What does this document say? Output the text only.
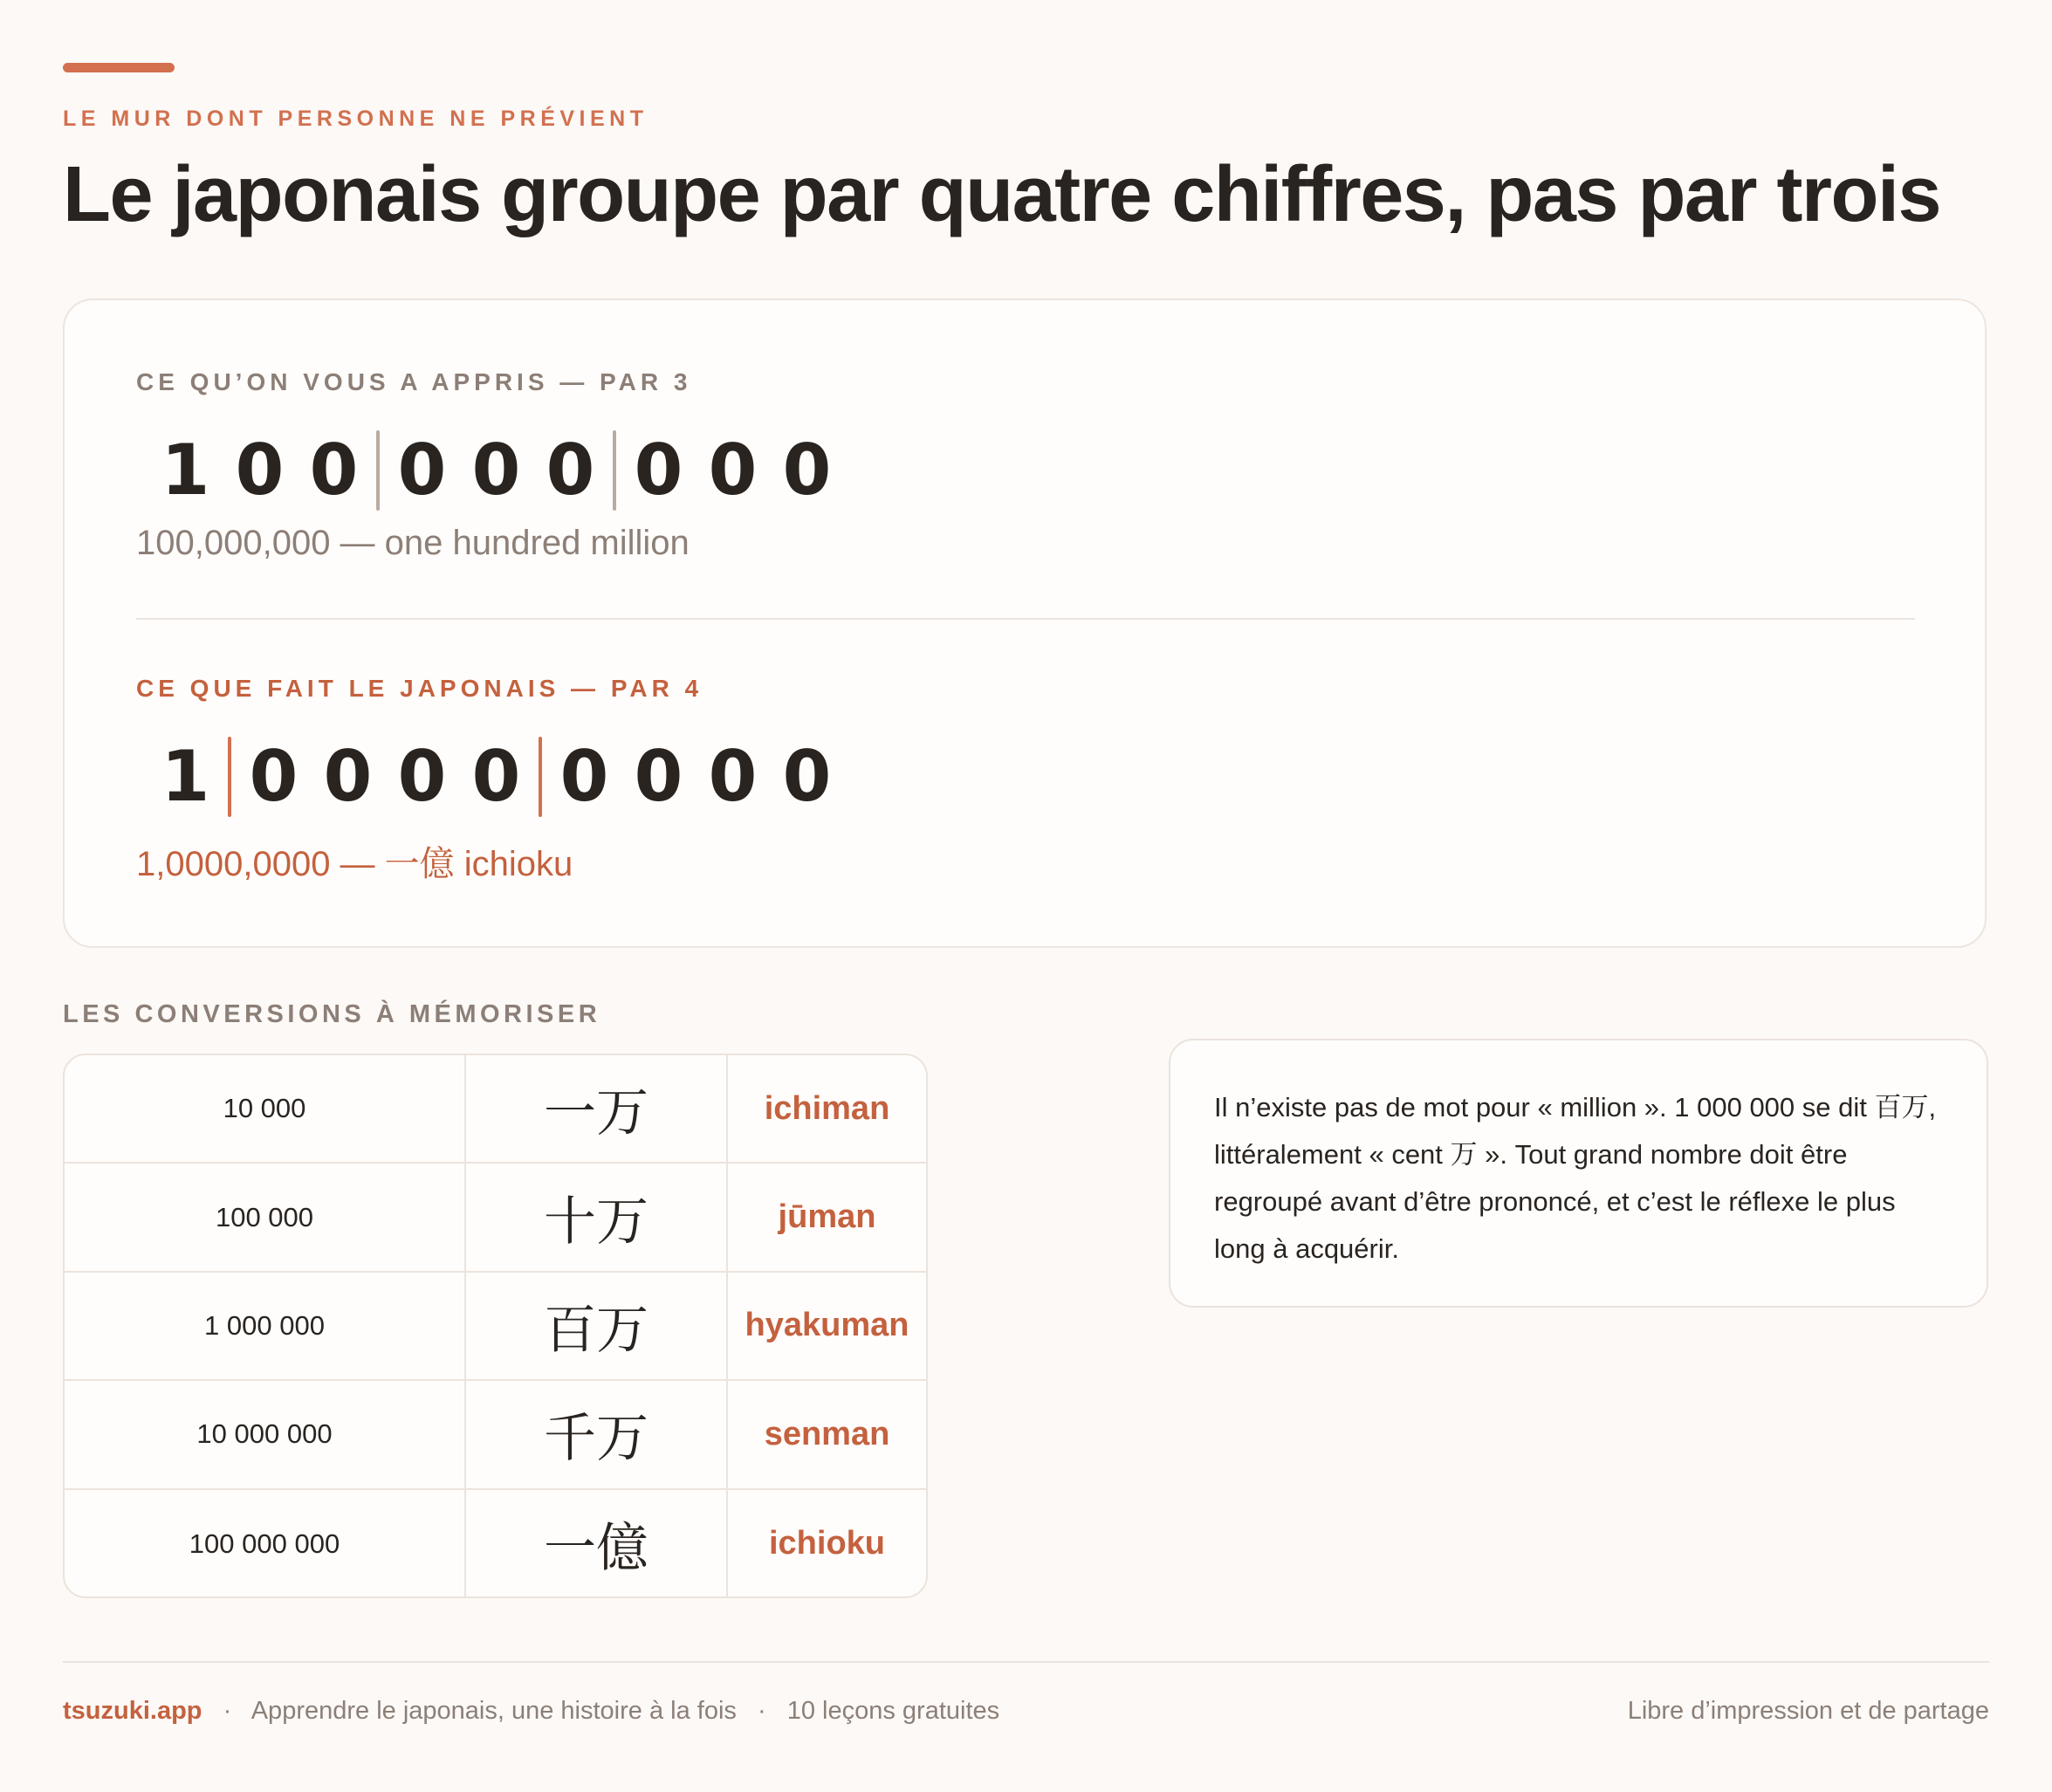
LE MUR DONT PERSONNE NE PRÉVIENT
Le japonais groupe par quatre chiffres, pas par trois
CE QU’ON VOUS A APPRIS — PAR 3
1 0 0 0 0 0 0 0 0
100,000,000 — one hundred million
CE QUE FAIT LE JAPONAIS — PAR 4
1 0 0 0 0 0 0 0 0
1,0000,0000 — 一億 ichioku
LES CONVERSIONS À MÉMORISER
10 000	一万	ichiman
100 000	十万	jūman
1 000 000	百万	hyakuman
10 000 000	千万	senman
100 000 000	一億	ichioku
Il n’existe pas de mot pour « million ». 1 000 000 se dit 百万, littéralement « cent 万 ». Tout grand nombre doit être regroupé avant d’être prononcé, et c’est le réflexe le plus long à acquérir.
tsuzuki.app · Apprendre le japonais, une histoire à la fois · 10 leçons gratuites	Libre d’impression et de partage
